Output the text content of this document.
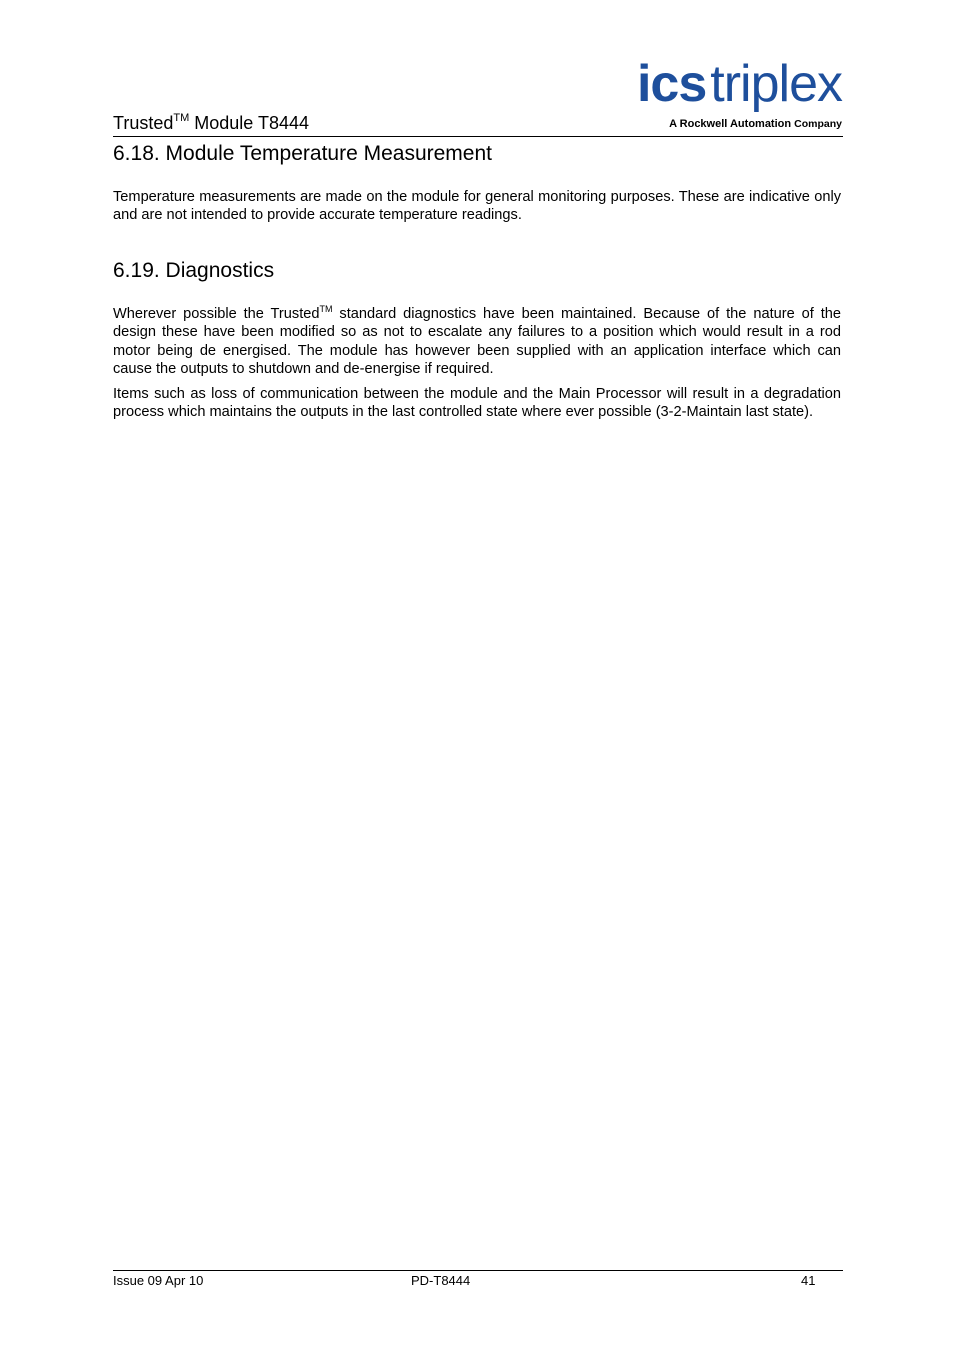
Trusted™ Module T8444
icstriplex
A Rockwell Automation Company
6.18. Module Temperature Measurement

Temperature measurements are made on the module for general monitoring purposes. These are indicative only and are not intended to provide accurate temperature readings.

6.19. Diagnostics

Wherever possible the Trusted™ standard diagnostics have been maintained. Because of the nature of the design these have been modified so as not to escalate any failures to a position which would result in a rod motor being de energised. The module has however been supplied with an application interface which can cause the outputs to shutdown and de-energise if required.

Items such as loss of communication between the module and the Main Processor will result in a degradation process which maintains the outputs in the last controlled state where ever possible (3-2-Maintain last state).

Issue 09 Apr 10	PD-T8444	41
